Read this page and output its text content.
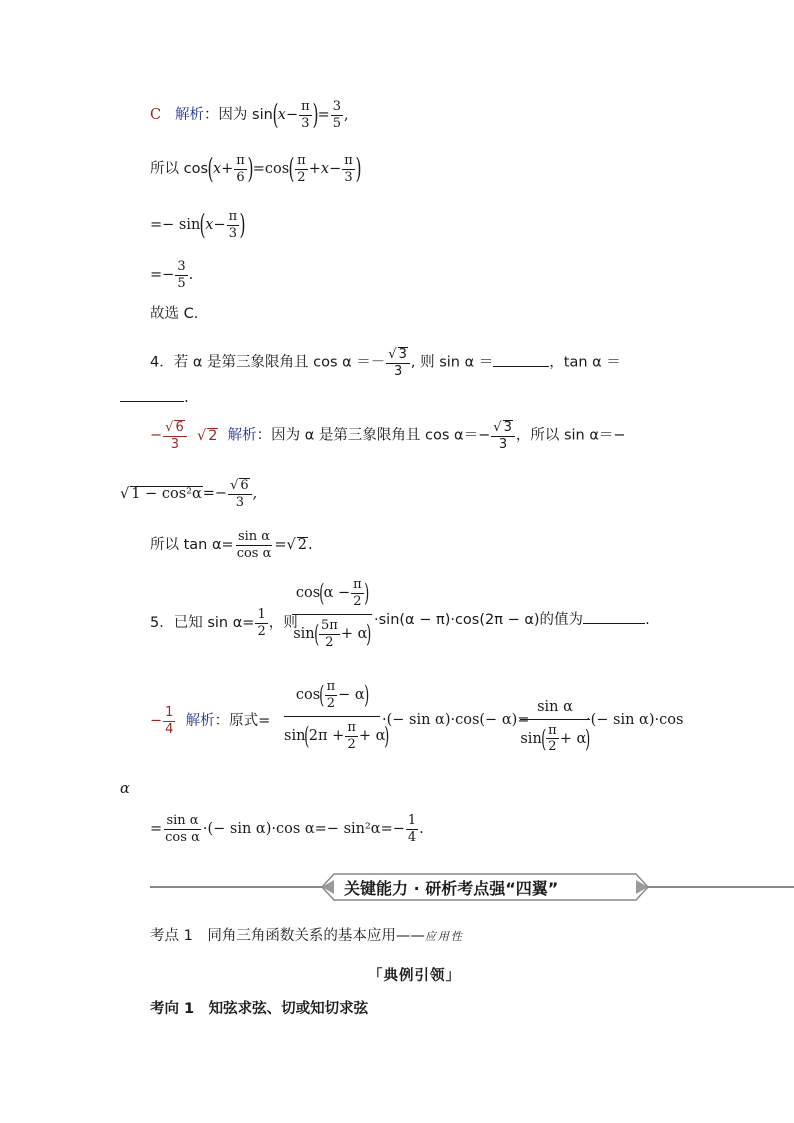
C 解析：因为 $\sin(x- \frac{\pi}{3}$ )= $\frac{3}{5}$ ,
所以 $\cos(x+ \frac{\pi}{6} )=\cos( \frac{\pi}{2} +x- \frac{\pi}{3}$ )
=− $\sin(x- \frac{\pi}{3}$ )
=− $\frac{3}{5}$ .
故选 C.
4．若 α 是第三象限角且 cos α ＝－ √ $\frac{3}{3}$ , 则 sin α ＝	，tan α ＝
.
− √ $\frac{6}{3}$ √ 2 解析：因为 α 是第三象限角且 cos α＝− √ $\frac{3}{3}$ ，所以 sin α＝−
√ 1 − cos²α=− √ $\frac{6}{3}$ ,
所以 $\tan \alpha= \frac{\text{sin α}}{\text{cos α}}$ = √ 2.
5．已知 $\sin \alpha= \frac{1}{2}$ ，则
$\cos(\alpha - \frac{\pi}{2}$ )
$\sin( \frac{5\pi}{2} + \alpha)$
·sin(α − π)·cos(2π − α)的值为	.
− $\frac{1}{4}$ 解析：原式=
$\cos( \frac{\pi}{2} - \alpha)$
$\sin(2\pi + \frac{\pi}{2} + \alpha)$
·(− sin α)·cos(− α)=
sin α
$\sin( \frac{\pi}{2} + \alpha)$
·(− sin α)·cos
α
= $\frac{\text{sin α}}{\text{cos α}}$ ·(− sin α)·cos $\alpha=- \sin^2\alpha=- \frac{1}{4}$ .
关键能力 · 研析考点强“四翼”
考点 1　同角三角函数关系的基本应用——应用性
「典例引领」
考向 1　知弦求弦、切或知切求弦
